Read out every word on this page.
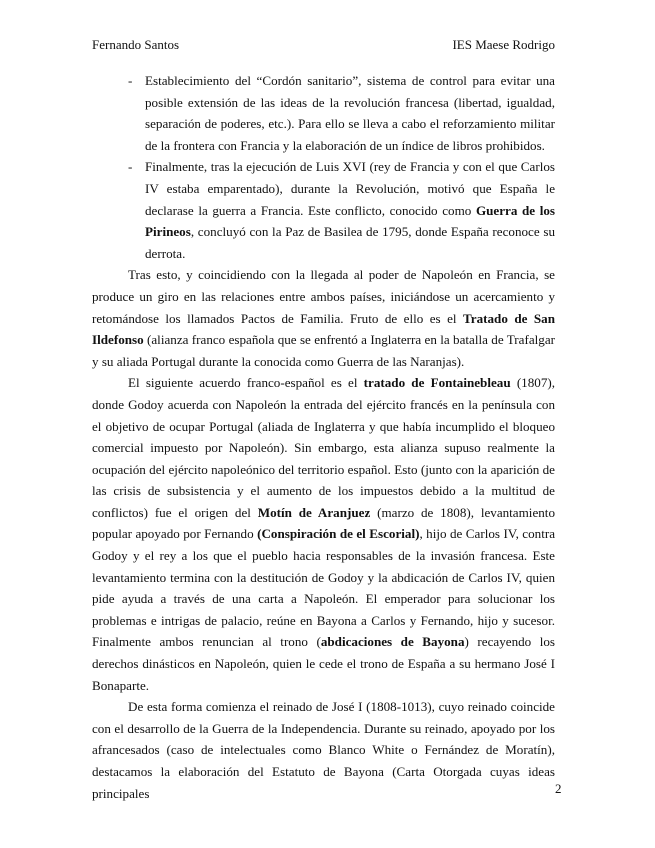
Fernando Santos	IES Maese Rodrigo

- Establecimiento del “Cordón sanitario”, sistema de control para evitar una posible extensión de las ideas de la revolución francesa (libertad, igualdad, separación de poderes, etc.). Para ello se lleva a cabo el reforzamiento militar de la frontera con Francia y la elaboración de un índice de libros prohibidos.

- Finalmente, tras la ejecución de Luis XVI (rey de Francia y con el que Carlos IV estaba emparentado), durante la Revolución, motivó que España le declarase la guerra a Francia. Este conflicto, conocido como Guerra de los Pirineos, concluyó con la Paz de Basilea de 1795, donde España reconoce su derrota.

Tras esto, y coincidiendo con la llegada al poder de Napoleón en Francia, se produce un giro en las relaciones entre ambos países, iniciándose un acercamiento y retomándose los llamados Pactos de Familia. Fruto de ello es el Tratado de San Ildefonso (alianza franco española que se enfrentó a Inglaterra en la batalla de Trafalgar y su aliada Portugal durante la conocida como Guerra de las Naranjas).

El siguiente acuerdo franco-español es el tratado de Fontainebleau (1807), donde Godoy acuerda con Napoleón la entrada del ejército francés en la península con el objetivo de ocupar Portugal (aliada de Inglaterra y que había incumplido el bloqueo comercial impuesto por Napoleón). Sin embargo, esta alianza supuso realmente la ocupación del ejército napoleónico del territorio español. Esto (junto con la aparición de las crisis de subsistencia y el aumento de los impuestos debido a la multitud de conflictos) fue el origen del Motín de Aranjuez (marzo de 1808), levantamiento popular apoyado por Fernando (Conspiración de el Escorial), hijo de Carlos IV, contra Godoy y el rey a los que el pueblo hacia responsables de la invasión francesa. Este levantamiento termina con la destitución de Godoy y la abdicación de Carlos IV, quien pide ayuda a través de una carta a Napoleón. El emperador para solucionar los problemas e intrigas de palacio, reúne en Bayona a Carlos y Fernando, hijo y sucesor. Finalmente ambos renuncian al trono (abdicaciones de Bayona) recayendo los derechos dinásticos en Napoleón, quien le cede el trono de España a su hermano José I Bonaparte.

De esta forma comienza el reinado de José I (1808-1013), cuyo reinado coincide con el desarrollo de la Guerra de la Independencia. Durante su reinado, apoyado por los afrancesados (caso de intelectuales como Blanco White o Fernández de Moratín), destacamos la elaboración del Estatuto de Bayona (Carta Otorgada cuyas ideas principales	2
